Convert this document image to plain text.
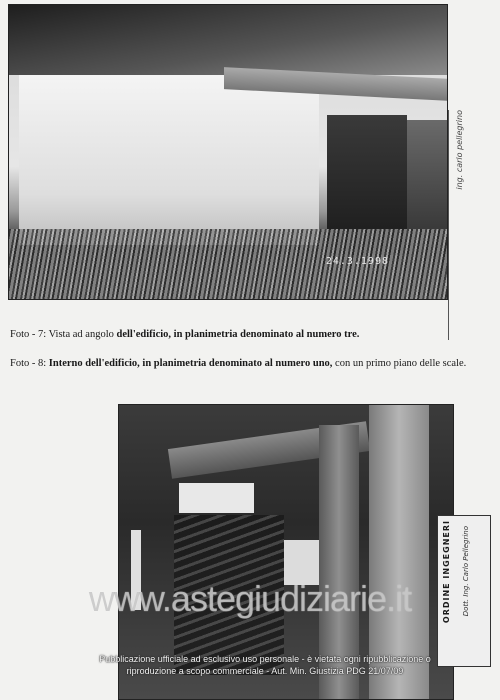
24.3.1998
ing. carlo pellegrino
Foto - 7: Vista ad angolo dell'edificio, in planimetria denominato al numero tre.
Foto - 8: Interno dell'edificio, in planimetria denominato al numero uno, con un primo piano delle scale.
ORDINE INGEGNERI Dott. Ing. Carlo Pellegrino
www.astegiudiziarie.it
Pubblicazione ufficiale ad esclusivo uso personale - è vietata ogni ripubblicazione o riproduzione a scopo commerciale - Aut. Min. Giustizia PDG 21/07/09
